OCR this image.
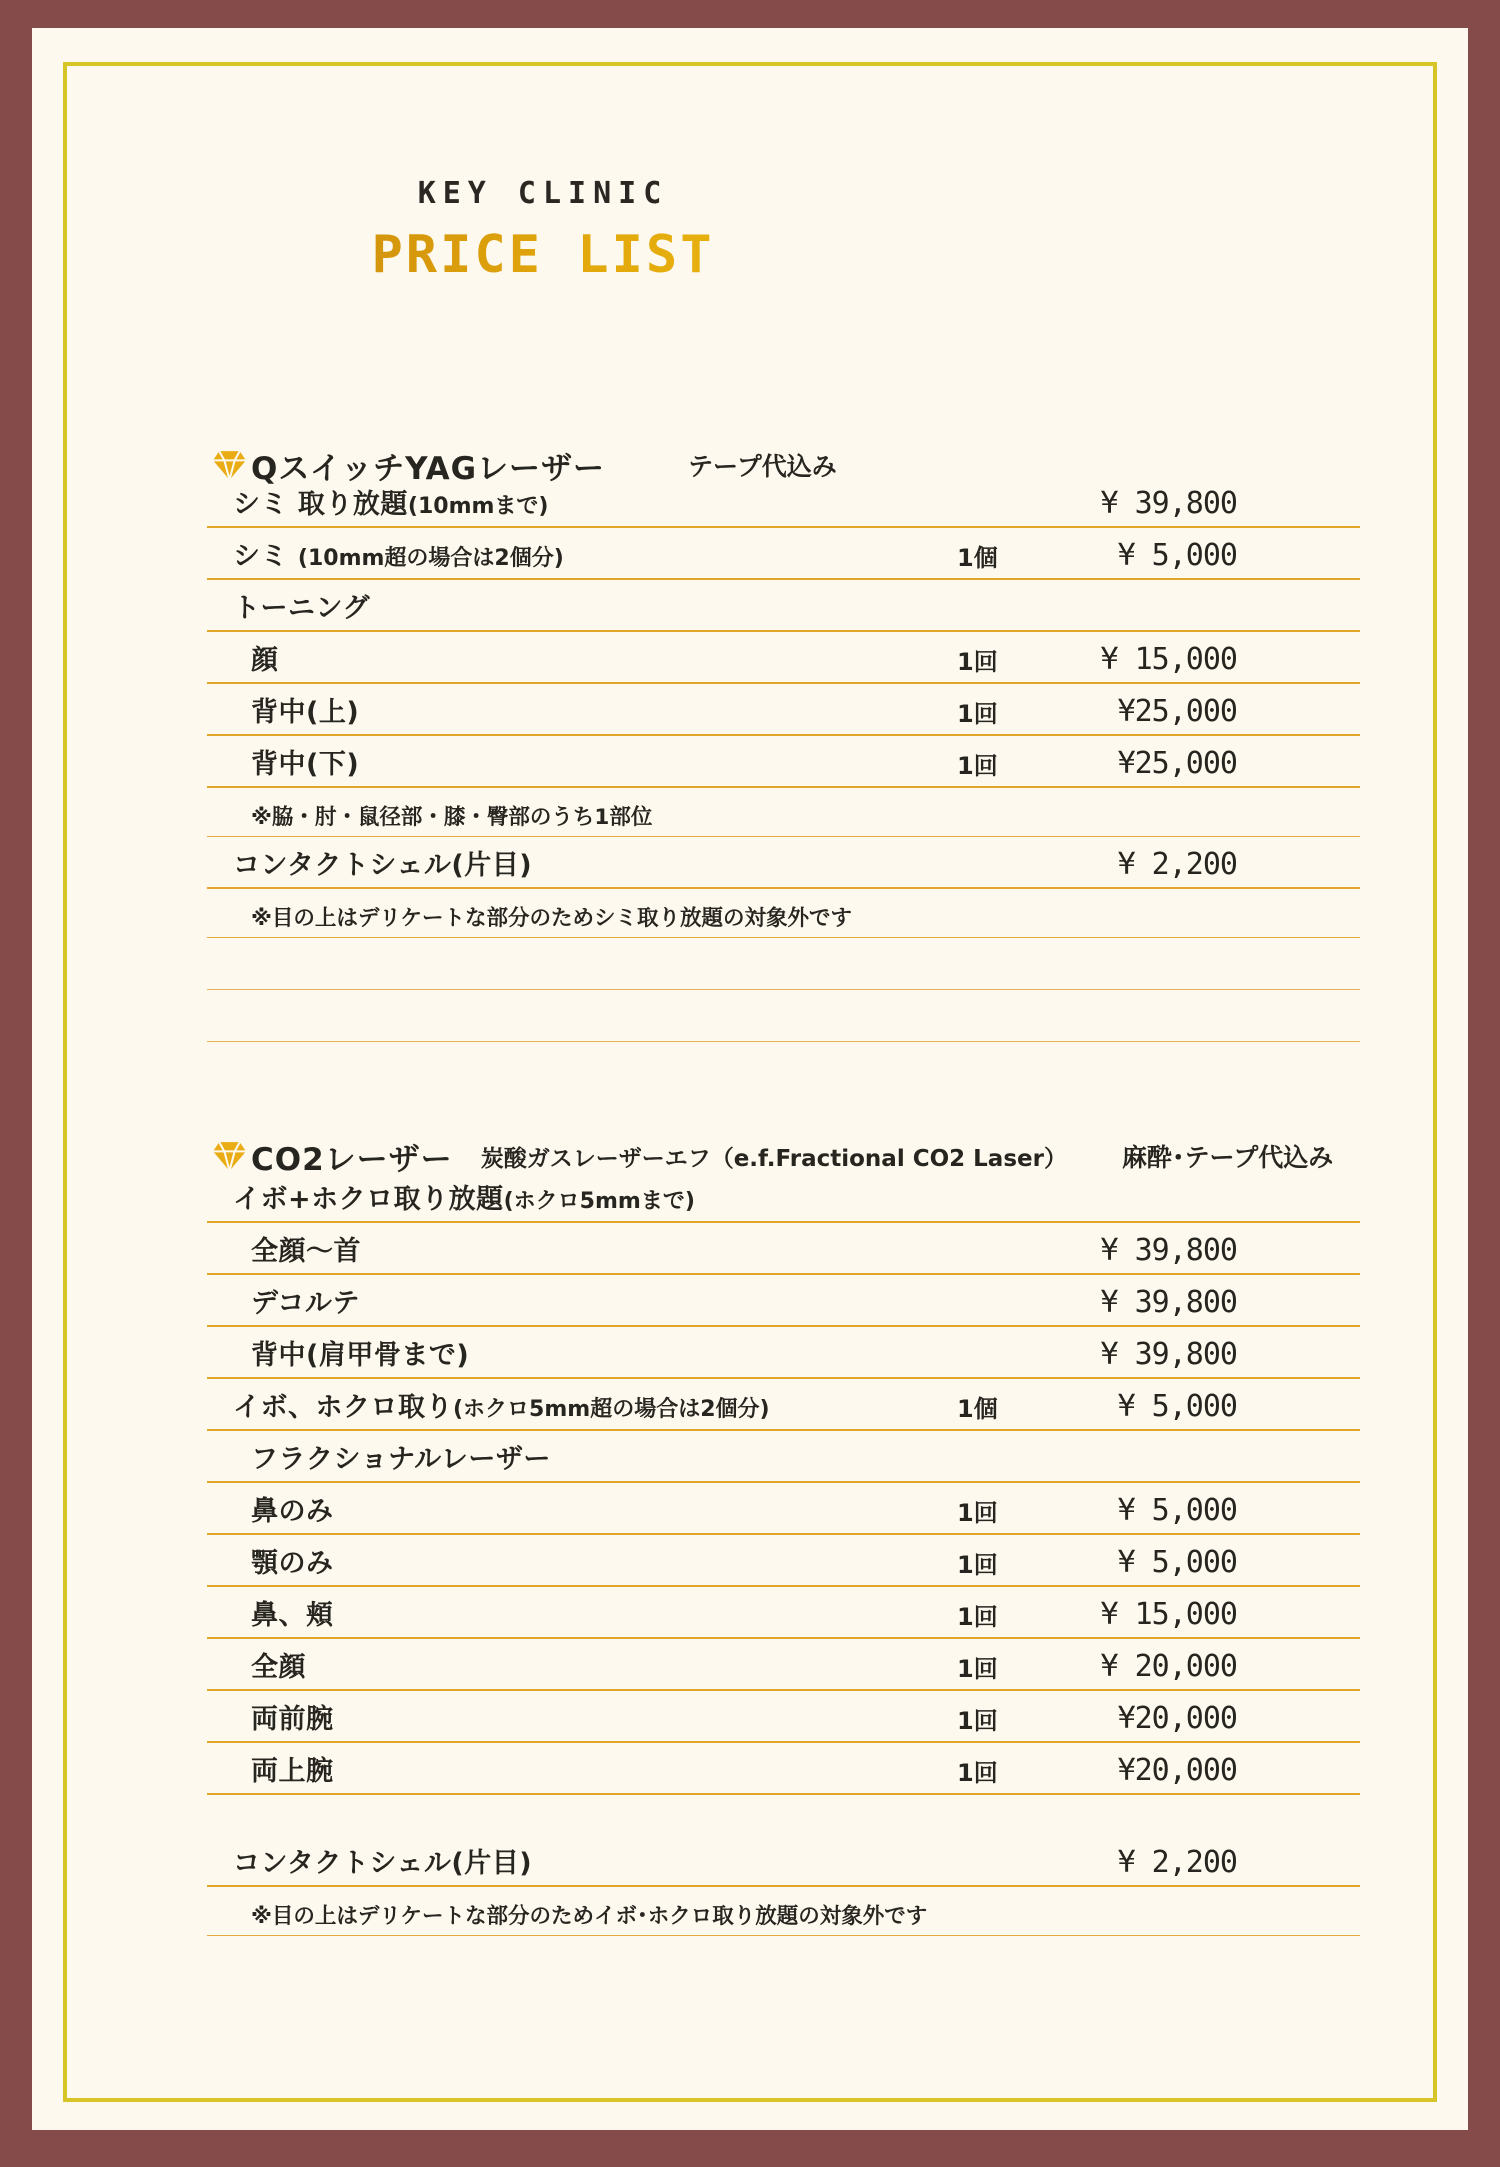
KEY CLINIC
PRICE LIST
QスイッチYAGレーザー	テープ代込み
シミ 取り放題(10mmまで)	¥ 39,800
シミ (10mm超の場合は2個分)	1個	¥ 5,000
トーニング
顔	1回	¥ 15,000
背中(上)	1回	¥25,000
背中(下)	1回	¥25,000
※脇・肘・鼠径部・膝・臀部のうち1部位
コンタクトシェル(片目)	¥ 2,200
※目の上はデリケートな部分のためシミ取り放題の対象外です
CO2レーザー 炭酸ガスレーザーエフ（e.f.Fractional CO2 Laser） 麻酔･テープ代込み
イボ+ホクロ取り放題(ホクロ5mmまで)
全顔～首	¥ 39,800
デコルテ	¥ 39,800
背中(肩甲骨まで)	¥ 39,800
イボ、ホクロ取り(ホクロ5mm超の場合は2個分)	1個	¥ 5,000
フラクショナルレーザー
鼻のみ	1回	¥ 5,000
顎のみ	1回	¥ 5,000
鼻、頬	1回	¥ 15,000
全顔	1回	¥ 20,000
両前腕	1回	¥20,000
両上腕	1回	¥20,000
コンタクトシェル(片目)	¥ 2,200
※目の上はデリケートな部分のためイボ･ホクロ取り放題の対象外です
